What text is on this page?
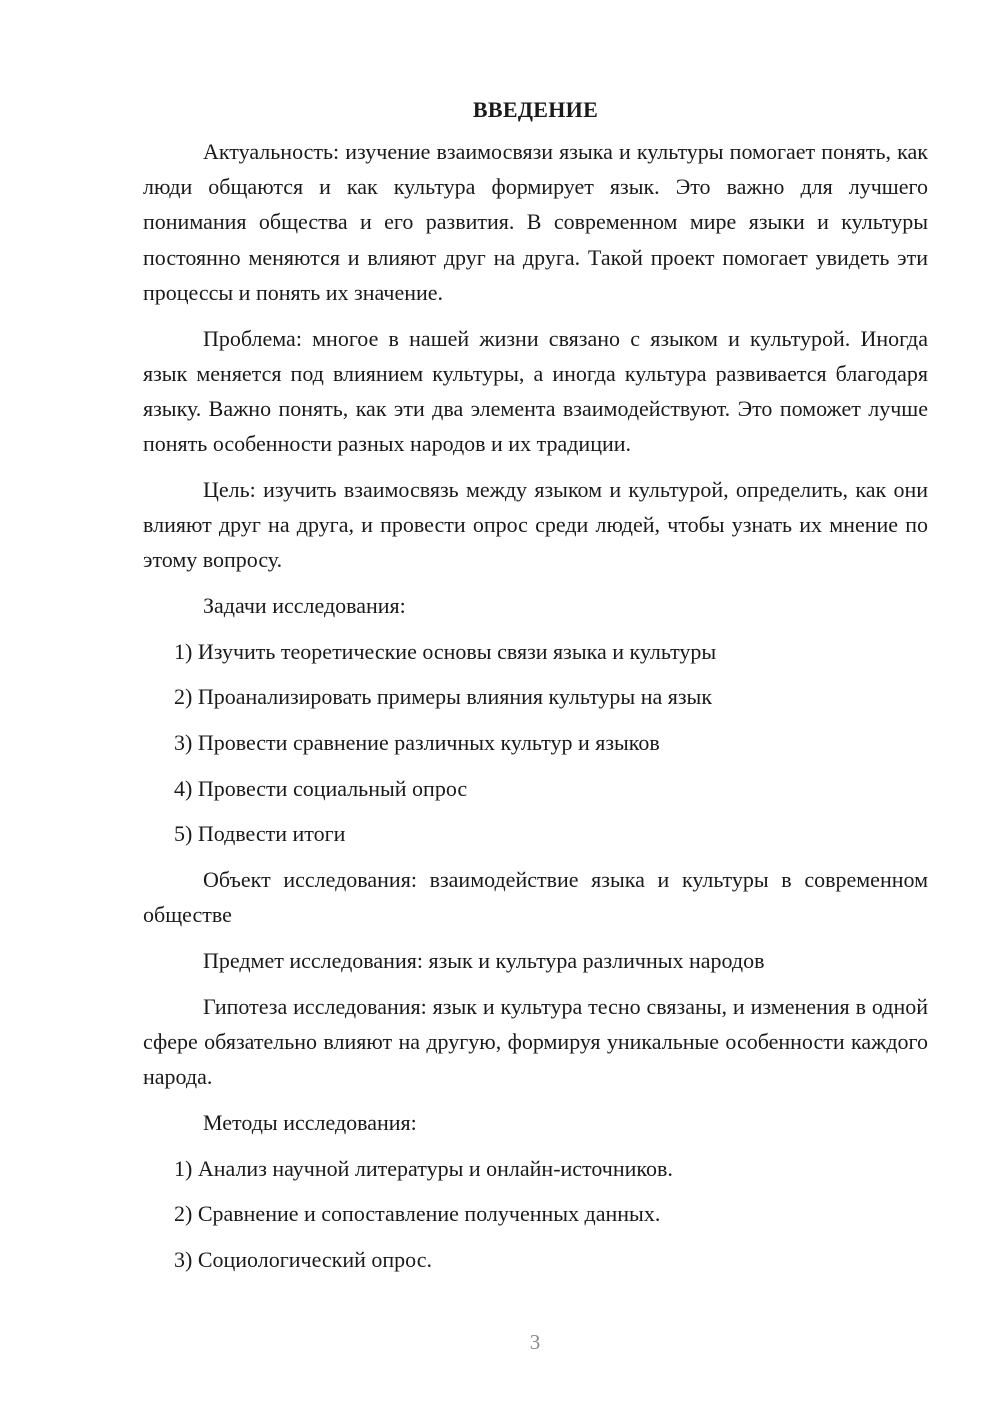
ВВЕДЕНИЕ

Актуальность: изучение взаимосвязи языка и культуры помогает понять, как люди общаются и как культура формирует язык. Это важно для лучшего понимания общества и его развития. В современном мире языки и культуры постоянно меняются и влияют друг на друга. Такой проект помогает увидеть эти процессы и понять их значение.

Проблема: многое в нашей жизни связано с языком и культурой. Иногда язык меняется под влиянием культуры, а иногда культура развивается благодаря языку. Важно понять, как эти два элемента взаимодействуют. Это поможет лучше понять особенности разных народов и их традиции.

Цель: изучить взаимосвязь между языком и культурой, определить, как они влияют друг на друга, и провести опрос среди людей, чтобы узнать их мнение по этому вопросу.

Задачи исследования:

1) Изучить теоретические основы связи языка и культуры

2) Проанализировать примеры влияния культуры на язык

3) Провести сравнение различных культур и языков

4) Провести социальный опрос

5) Подвести итоги

Объект исследования: взаимодействие языка и культуры в современном обществе

Предмет исследования: язык и культура различных народов

Гипотеза исследования: язык и культура тесно связаны, и изменения в одной сфере обязательно влияют на другую, формируя уникальные особенности каждого народа.

Методы исследования:

1) Анализ научной литературы и онлайн-источников.

2) Сравнение и сопоставление полученных данных.

3) Социологический опрос.

3
